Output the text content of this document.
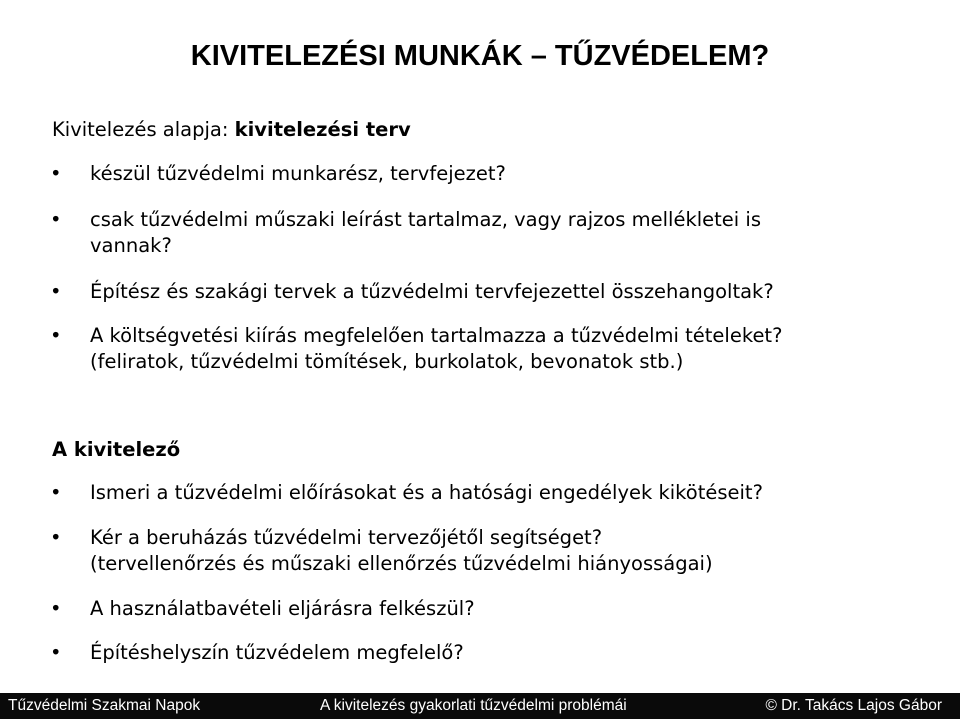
KIVITELEZÉSI MUNKÁK – TŰZVÉDELEM?
Kivitelezés alapja: kivitelezési terv
• készül tűzvédelmi munkarész, tervfejezet?
• csak tűzvédelmi műszaki leírást tartalmaz, vagy rajzos mellékletei is
vannak?
• Építész és szakági tervek a tűzvédelmi tervfejezettel összehangoltak?
• A költségvetési kiírás megfelelően tartalmazza a tűzvédelmi tételeket?
(feliratok, tűzvédelmi tömítések, burkolatok, bevonatok stb.)
A kivitelező
• Ismeri a tűzvédelmi előírásokat és a hatósági engedélyek kikötéseit?
• Kér a beruházás tűzvédelmi tervezőjétől segítséget?
(tervellenőrzés és műszaki ellenőrzés tűzvédelmi hiányosságai)
• A használatbavételi eljárásra felkészül?
• Építéshelyszín tűzvédelem megfelelő?
Tűzvédelmi Szakmai Napok	A kivitelezés gyakorlati tűzvédelmi problémái	© Dr. Takács Lajos Gábor
